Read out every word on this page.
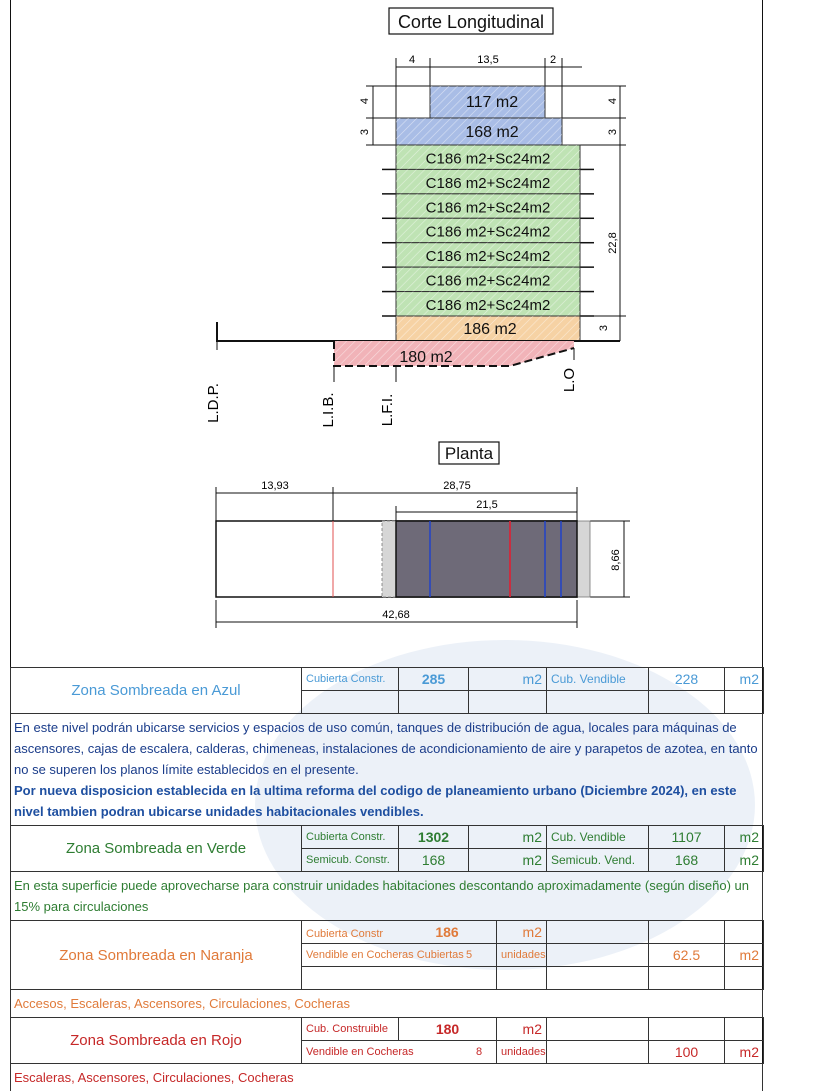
Corte Longitudinal
4	13,5	2
4
3
4
3
22,8
3
117 m2
168 m2
C186 m2+Sc24m2
C186 m2+Sc24m2
C186 m2+Sc24m2
C186 m2+Sc24m2
C186 m2+Sc24m2
C186 m2+Sc24m2
C186 m2+Sc24m2
186 m2
180 m2
L.D.P.	L.I.B.	L.F.I.
L.O
Planta
13,93	28,75
21,5
42,68
8,66
Zona Sombreada en Azul	Cubierta Constr.	285	m2	Cub. Vendible	228	m2

En este nivel podrán ubicarse servicios y espacios de uso común, tanques de distribución de agua, locales para máquinas de ascensores, cajas de escalera, calderas, chimeneas, instalaciones de acondicionamiento de aire y parapetos de azotea, en tanto no se superen los planos límite establecidos en el presente.
Por nueva disposicion establecida en la ultima reforma del codigo de planeamiento urbano (Diciembre 2024), en este nivel tambien podran ubicarse unidades habitacionales vendibles.
Zona Sombreada en Verde	Cubierta Constr.	1302	m2	Cub. Vendible	1107	m2
	Semicub. Constr.	168	m2	Semicub. Vend.	168	m2
En esta superficie puede aprovecharse para construir unidades habitaciones descontando aproximadamente (según diseño) un 15% para circulaciones
Zona Sombreada en Naranja	Cubierta Constr 186	m2			
	Vendible en Cocheras Cubiertas 5	unidades		62.5	m2

Accesos, Escaleras, Ascensores, Circulaciones, Cocheras
Zona Sombreada en Rojo	Cub. Construible	180	m2			
	Vendible en Cocheras 8		unidades		100	m2
Escaleras, Ascensores, Circulaciones, Cocheras
